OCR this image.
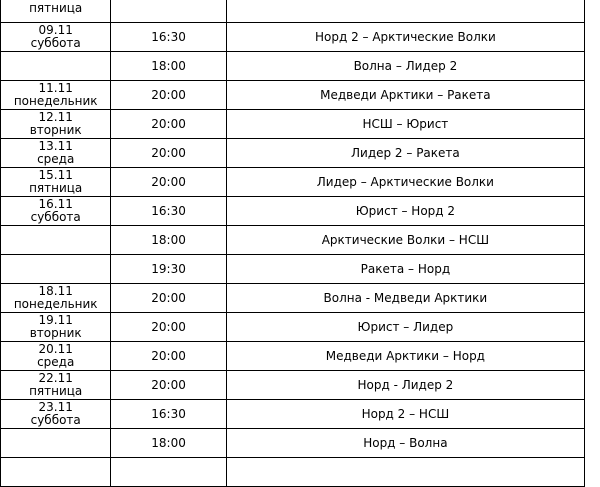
пятница		

09.11
суббота	16:30	Норд 2 – Арктические Волки
	18:00	Волна – Лидер 2

11.11
понедельник	20:00	Медведи Арктики – Ракета

12.11
вторник	20:00	НСШ – Юрист

13.11
среда	20:00	Лидер 2 – Ракета

15.11
пятница	20:00	Лидер – Арктические Волки

16.11
суббота	16:30	Юрист – Норд 2
	18:00	Арктические Волки – НСШ
	19:30	Ракета – Норд

18.11
понедельник	20:00	Волна - Медведи Арктики

19.11
вторник	20:00	Юрист – Лидер

20.11
среда	20:00	Медведи Арктики – Норд

22.11
пятница	20:00	Норд - Лидер 2

23.11
суббота	16:30	Норд 2 – НСШ
	18:00	Норд – Волна
